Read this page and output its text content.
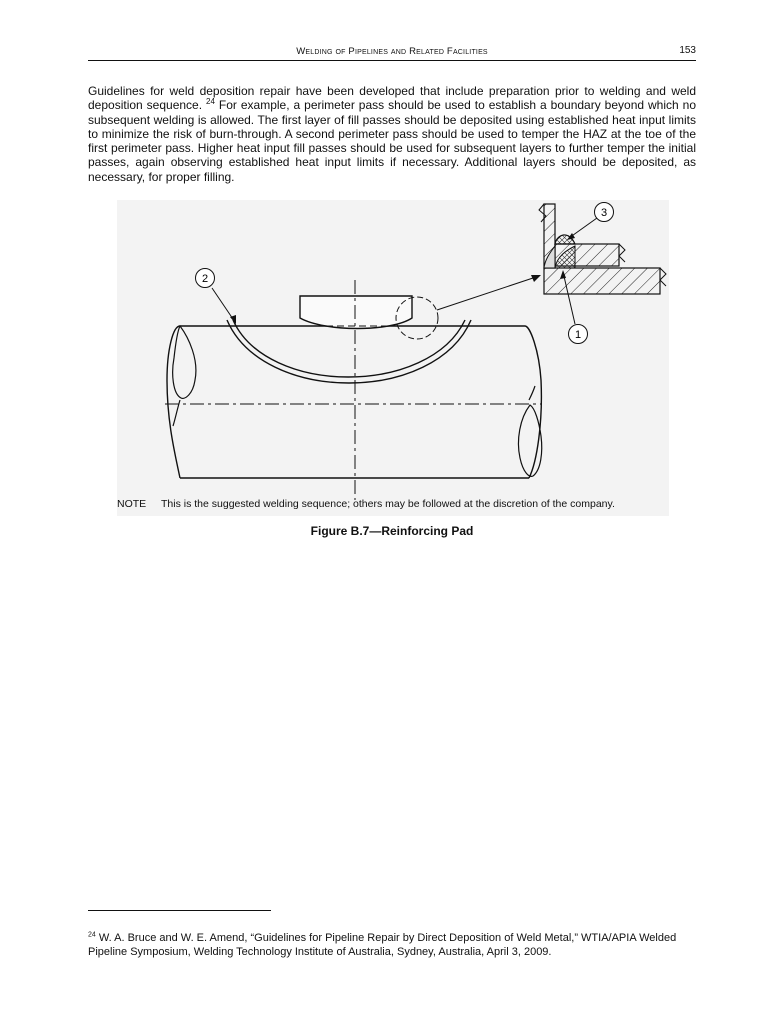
Welding of Pipelines and Related Facilities	153

Guidelines for weld deposition repair have been developed that include preparation prior to welding and weld deposition sequence. $^{24}$ For example, a perimeter pass should be used to establish a boundary beyond which no subsequent welding is allowed. The first layer of fill passes should be deposited using established heat input limits to minimize the risk of burn-through. A second perimeter pass should be used to temper the HAZ at the toe of the first perimeter pass. Higher heat input fill passes should be used for subsequent layers to further temper the initial passes, again observing established heat input limits if necessary. Additional layers should be deposited, as necessary, for proper filling.

2
3
1
NOTE This is the suggested welding sequence; others may be followed at the discretion of the company.
Figure B.7—Reinforcing Pad

$^{24}$ W. A. Bruce and W. E. Amend, “Guidelines for Pipeline Repair by Direct Deposition of Weld Metal,” WTIA/APIA Welded Pipeline Symposium, Welding Technology Institute of Australia, Sydney, Australia, April 3, 2009.
